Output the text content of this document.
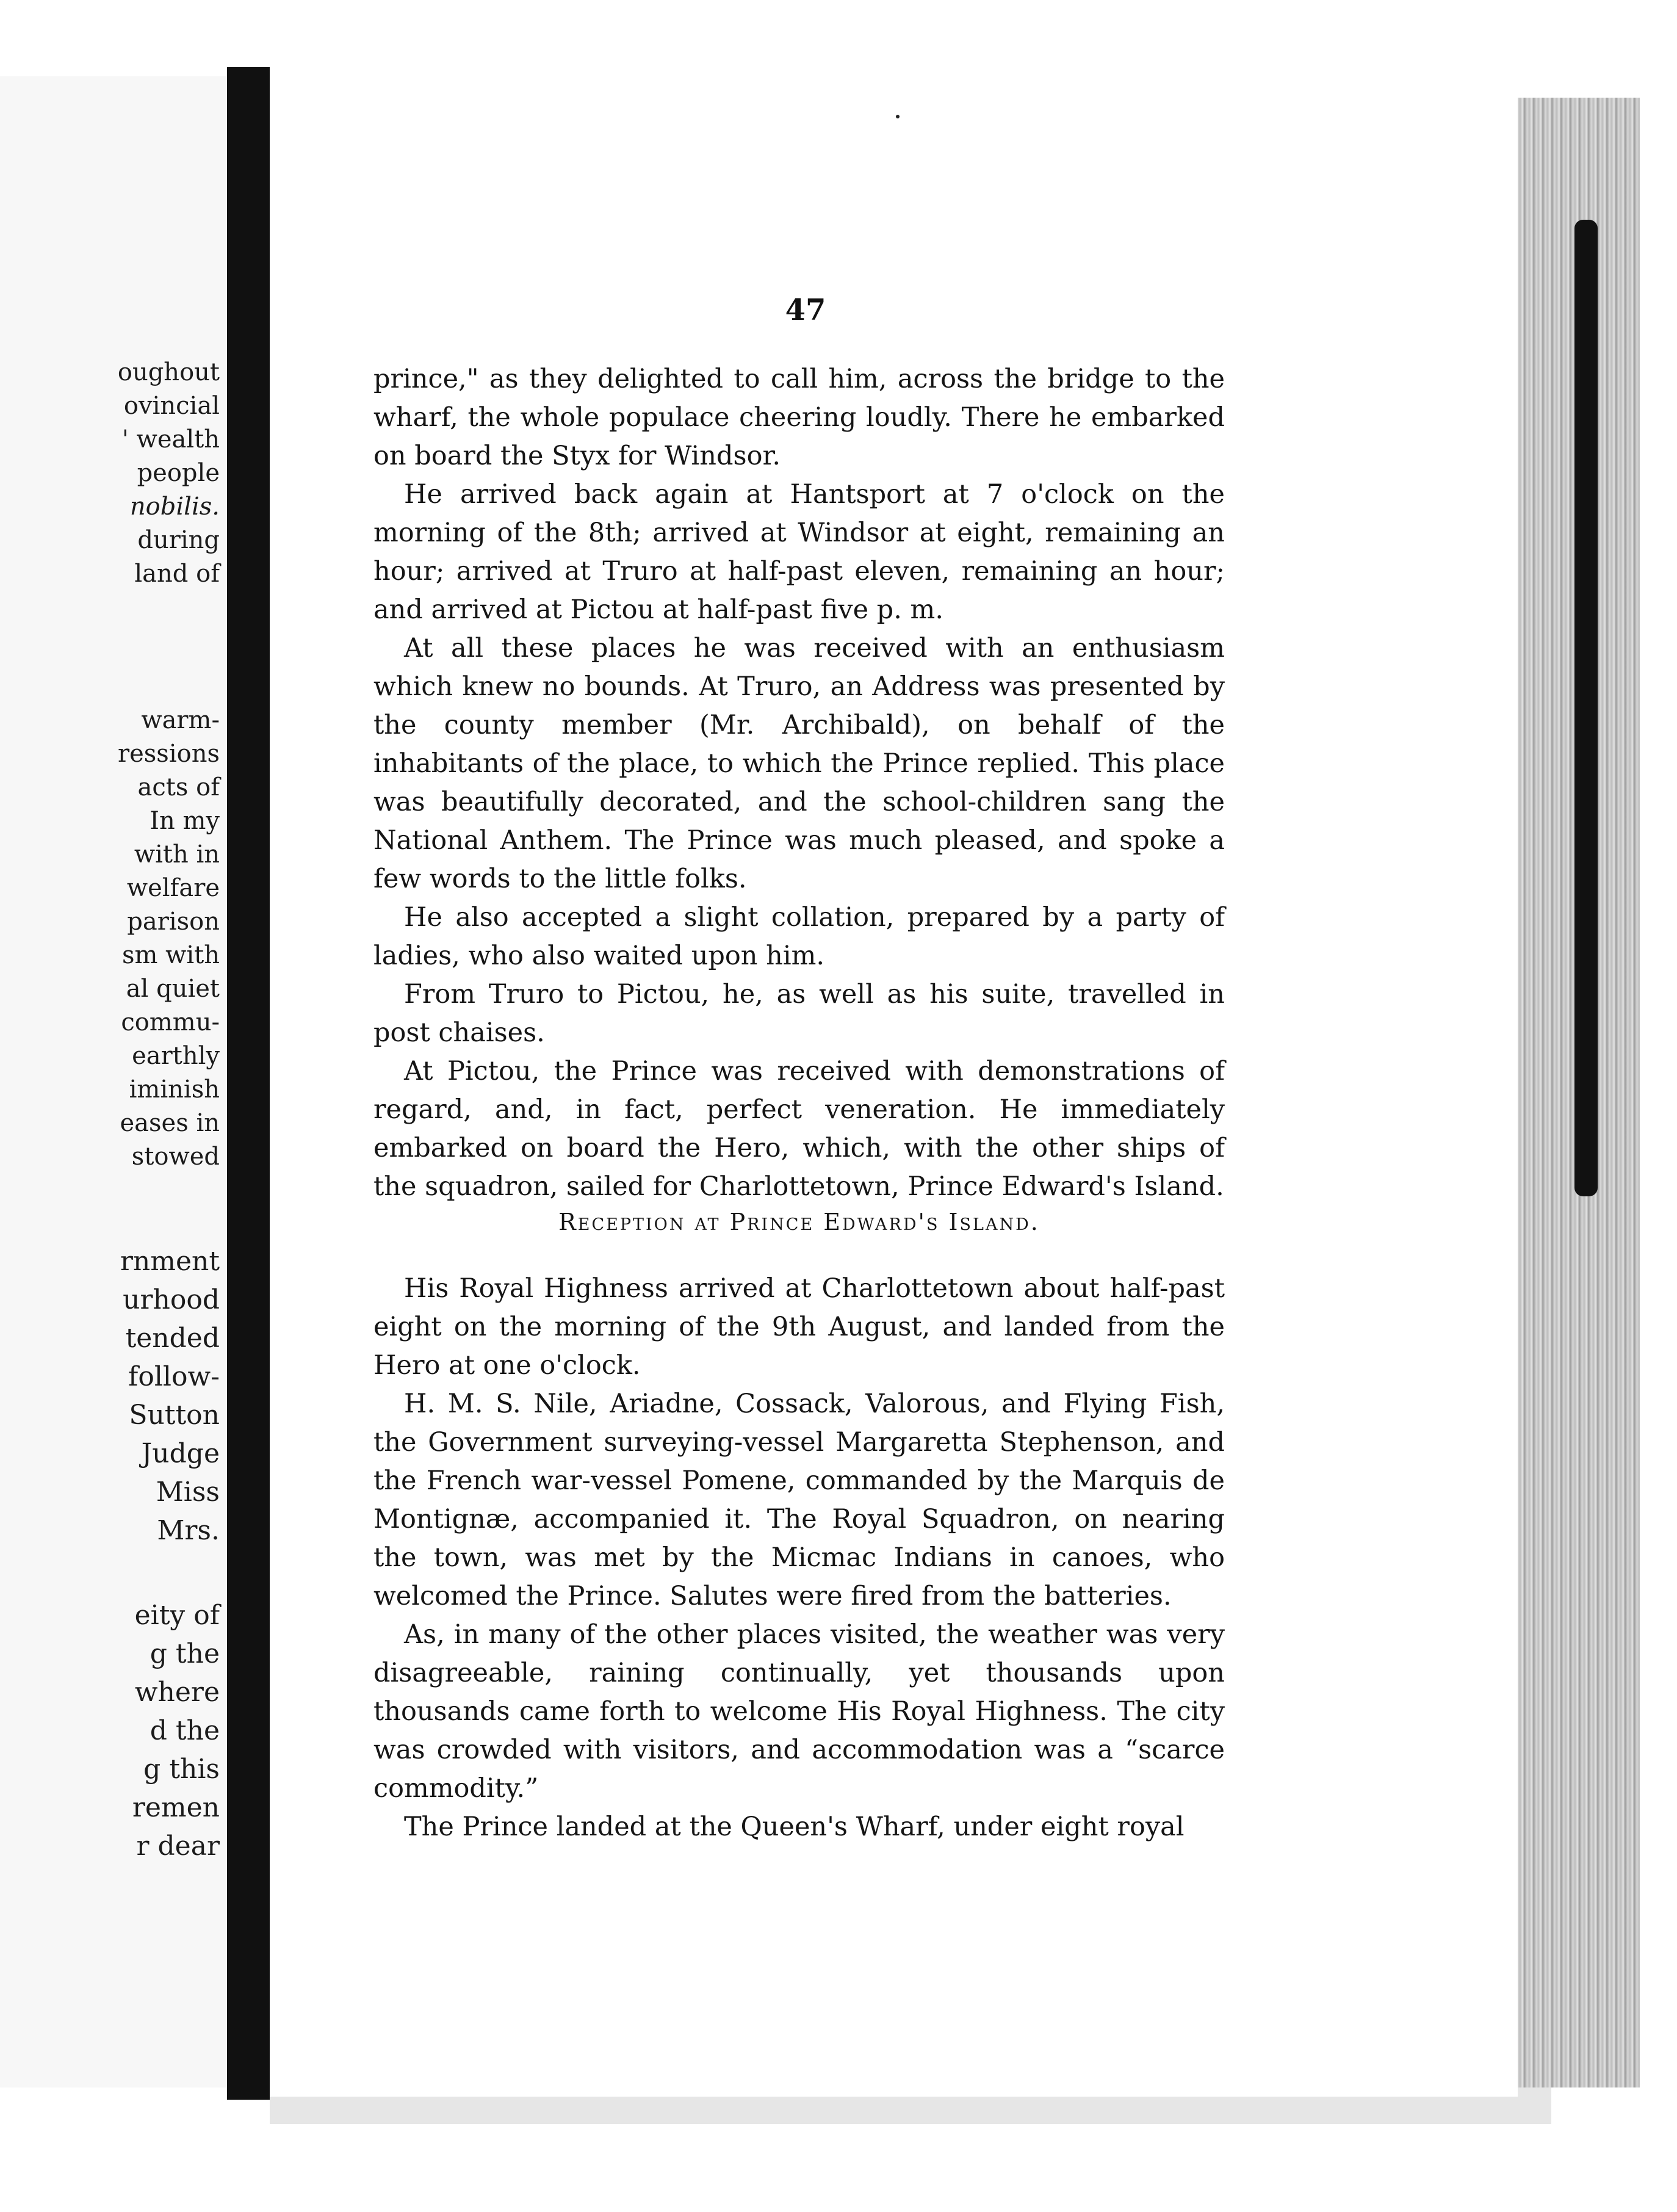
oughout
ovincial
' wealth
people
nobilis.
during
land of
warm-
ressions
acts of
In my
with in
welfare
parison
sm with
al quiet
commu-
earthly
iminish
eases in
stowed
rnment
urhood
tended
follow-
Sutton
Judge
Miss
Mrs.
eity of
g the
where
d the
g this
remen
r dear
47

prince," as they delighted to call him, across the bridge to the wharf, the whole populace cheering loudly. There he embarked on board the Styx for Windsor.

He arrived back again at Hantsport at 7 o'clock on the morning of the 8th; arrived at Windsor at eight, remaining an hour; arrived at Truro at half-past eleven, remaining an hour; and arrived at Pictou at half-past five p. m.

At all these places he was received with an enthusiasm which knew no bounds. At Truro, an Address was presented by the county member (Mr. Archibald), on behalf of the inhabitants of the place, to which the Prince replied. This place was beautifully decorated, and the school-children sang the National Anthem. The Prince was much pleased, and spoke a few words to the little folks.

He also accepted a slight collation, prepared by a party of ladies, who also waited upon him.

From Truro to Pictou, he, as well as his suite, travelled in post chaises.

At Pictou, the Prince was received with demonstrations of regard, and, in fact, perfect veneration. He immediately embarked on board the Hero, which, with the other ships of the squadron, sailed for Charlottetown, Prince Edward's Island.

Reception at Prince Edward's Island.

His Royal Highness arrived at Charlottetown about half-past eight on the morning of the 9th August, and landed from the Hero at one o'clock.

H. M. S. Nile, Ariadne, Cossack, Valorous, and Flying Fish, the Government surveying-vessel Margaretta Stephenson, and the French war-vessel Pomene, commanded by the Marquis de Montignæ, accompanied it. The Royal Squadron, on nearing the town, was met by the Micmac Indians in canoes, who welcomed the Prince. Salutes were fired from the batteries.

As, in many of the other places visited, the weather was very disagreeable, raining continually, yet thousands upon thousands came forth to welcome His Royal Highness. The city was crowded with visitors, and accommodation was a “scarce commodity.”

The Prince landed at the Queen's Wharf, under eight royal
